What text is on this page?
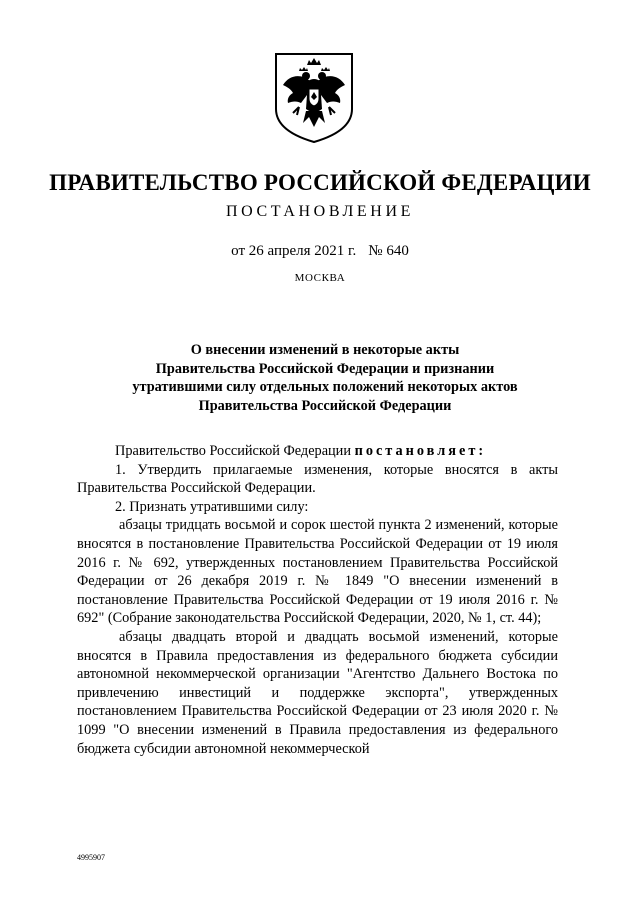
ПРАВИТЕЛЬСТВО РОССИЙСКОЙ ФЕДЕРАЦИИ
ПОСТАНОВЛЕНИЕ
от 26 апреля 2021 г. № 640
МОСКВА
О внесении изменений в некоторые акты
Правительства Российской Федерации и признании
утратившими силу отдельных положений некоторых актов
Правительства Российской Федерации

Правительство Российской Федерации постановляет:

1. Утвердить прилагаемые изменения, которые вносятся в акты Правительства Российской Федерации.

2. Признать утратившими силу:

абзацы тридцать восьмой и сорок шестой пункта 2 изменений, которые вносятся в постановление Правительства Российской Федерации от 19 июля 2016 г. № 692, утвержденных постановлением Правительства Российской Федерации от 26 декабря 2019 г. № 1849 "О внесении изменений в постановление Правительства Российской Федерации от 19 июля 2016 г. № 692" (Собрание законодательства Российской Федерации, 2020, № 1, ст. 44);

абзацы двадцать второй и двадцать восьмой изменений, которые вносятся в Правила предоставления из федерального бюджета субсидии автономной некоммерческой организации "Агентство Дальнего Востока по привлечению инвестиций и поддержке экспорта", утвержденных постановлением Правительства Российской Федерации от 23 июля 2020 г. № 1099 "О внесении изменений в Правила предоставления из федерального бюджета субсидии автономной некоммерческой

4995907
